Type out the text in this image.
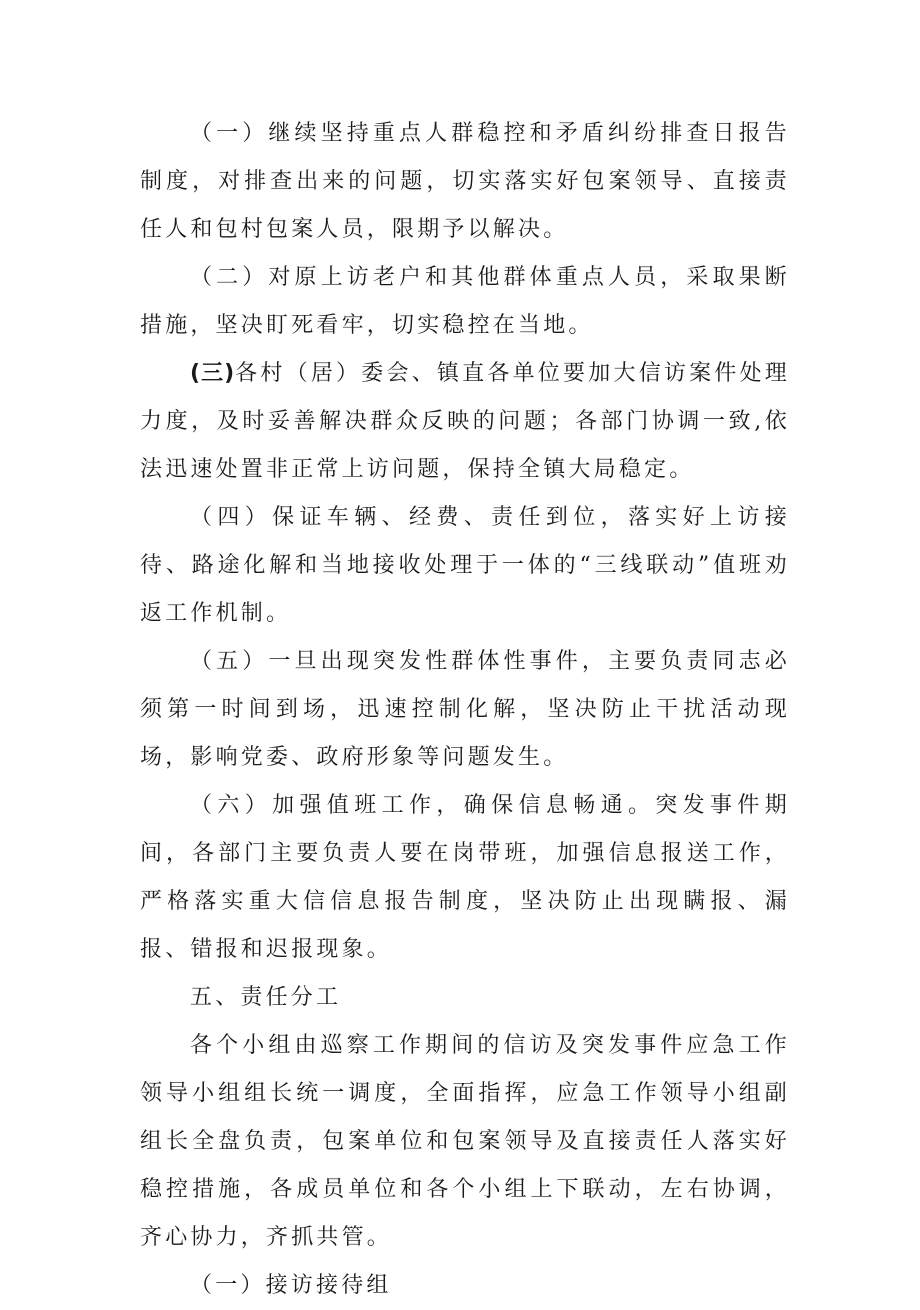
（一）继续坚持重点人群稳控和矛盾纠纷排查日报告制度，对排查出来的问题，切实落实好包案领导、直接责任人和包村包案人员，限期予以解决。

（二）对原上访老户和其他群体重点人员，采取果断措施，坚决盯死看牢，切实稳控在当地。

(三)各村（居）委会、镇直各单位要加大信访案件处理力度，及时妥善解决群众反映的问题；各部门协调一致,依法迅速处置非正常上访问题，保持全镇大局稳定。

（四）保证车辆、经费、责任到位，落实好上访接待、路途化解和当地接收处理于一体的“三线联动”值班劝返工作机制。

（五）一旦出现突发性群体性事件，主要负责同志必须第一时间到场，迅速控制化解，坚决防止干扰活动现场，影响党委、政府形象等问题发生。

（六）加强值班工作，确保信息畅通。突发事件期间，各部门主要负责人要在岗带班，加强信息报送工作，严格落实重大信信息报告制度，坚决防止出现瞒报、漏报、错报和迟报现象。

五、责任分工

各个小组由巡察工作期间的信访及突发事件应急工作领导小组组长统一调度，全面指挥，应急工作领导小组副组长全盘负责，包案单位和包案领导及直接责任人落实好稳控措施，各成员单位和各个小组上下联动，左右协调，齐心协力，齐抓共管。

（一）接访接待组
